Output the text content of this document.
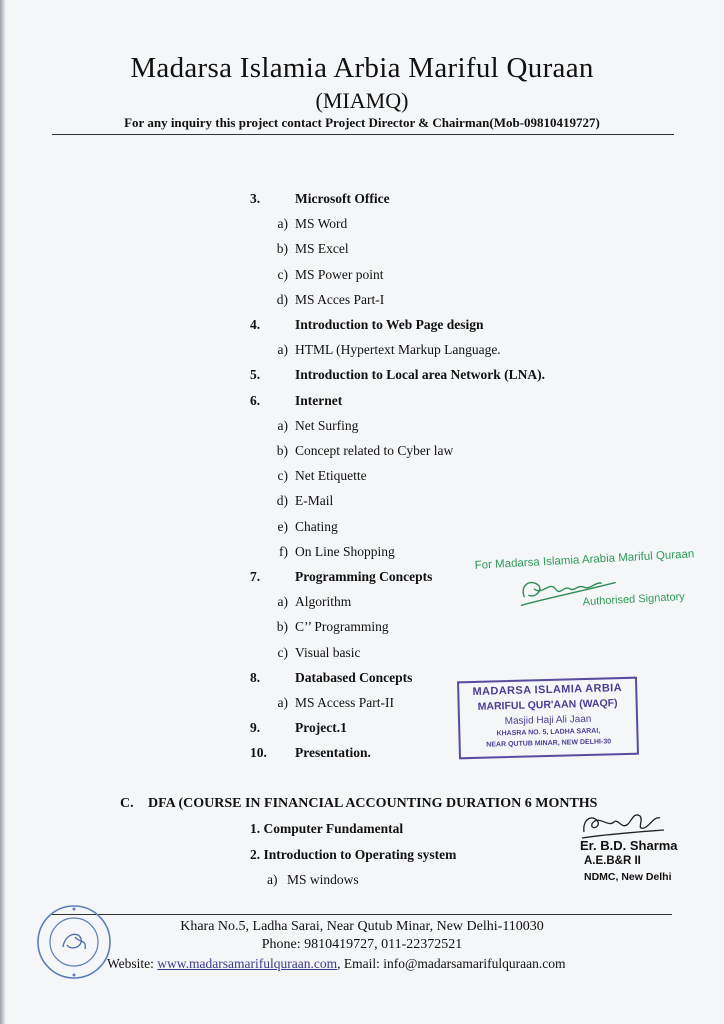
Madarsa Islamia Arbia Mariful Quraan
(MIAMQ)
For any inquiry this project contact Project Director & Chairman(Mob-09810419727)
3.	Microsoft Office
a) MS Word
b) MS Excel
c) MS Power point
d) MS Acces Part-I
4.	Introduction to Web Page design
a) HTML (Hypertext Markup Language.
5.	Introduction to Local area Network (LNA).
6.	Internet
a) Net Surfing
b) Concept related to Cyber law
c) Net Etiquette
d) E-Mail
e) Chating
f) On Line Shopping
7.	Programming Concepts
a) Algorithm
b) C’’ Programming
c) Visual basic
8.	Databased Concepts
a) MS Access Part-II
9.	Project.1
10. Presentation.
C. DFA (COURSE IN FINANCIAL ACCOUNTING DURATION 6 MONTHS
1. Computer Fundamental
2. Introduction to Operating system
a) MS windows
For Madarsa Islamia Arabia Mariful Quraan
Authorised Signatory
MADARSA ISLAMIA ARBIA
MARIFUL QUR'AAN (WAQF)
Masjid Haji Ali Jaan
KHASRA NO. 5, LADHA SARAI,
NEAR QUTUB MINAR, NEW DELHI-30
Er. B.D. Sharma
A.E.B&R II
NDMC, New Delhi
Khara No.5, Ladha Sarai, Near Qutub Minar, New Delhi-110030
Phone: 9810419727, 011-22372521
Website: www.madarsamarifulquraan.com, Email: info@madarsamarifulquraan.com
